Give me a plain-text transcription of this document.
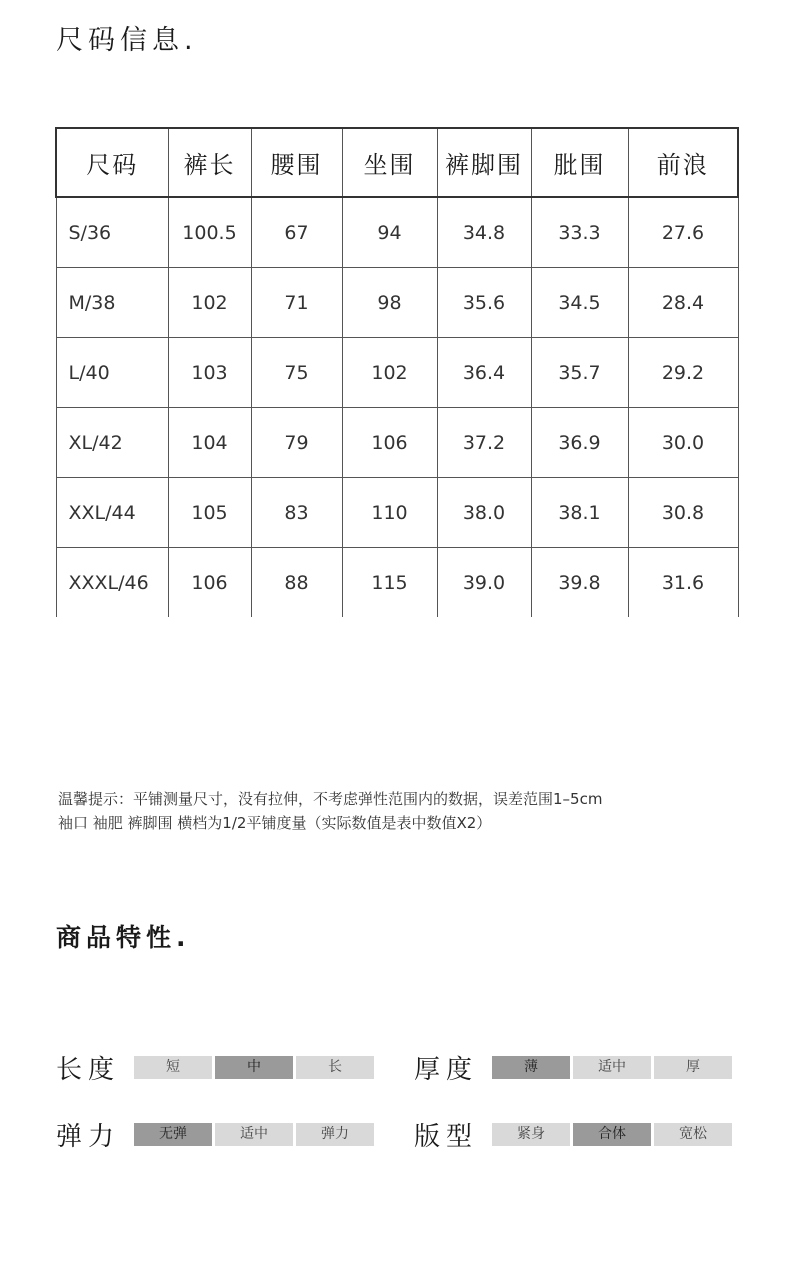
尺码信息.
尺码	裤长	腰围	坐围	裤脚围	肶围	前浪
S/36	100.5	67	94	34.8	33.3	27.6
M/38	102	71	98	35.6	34.5	28.4
L/40	103	75	102	36.4	35.7	29.2
XL/42	104	79	106	37.2	36.9	30.0
XXL/44	105	83	110	38.0	38.1	30.8
XXXL/46	106	88	115	39.0	39.8	31.6

温馨提示：平铺测量尺寸，没有拉伸，不考虑弹性范围内的数据，误差范围1–5cm

袖口 袖肥 裤脚围 横档为1/2平铺度量（实际数值是表中数值X2）

商品特性.
长度	短	中	长	厚度	薄	适中	厚
弹力	无弹	适中	弹力	版型	紧身	合体	宽松
